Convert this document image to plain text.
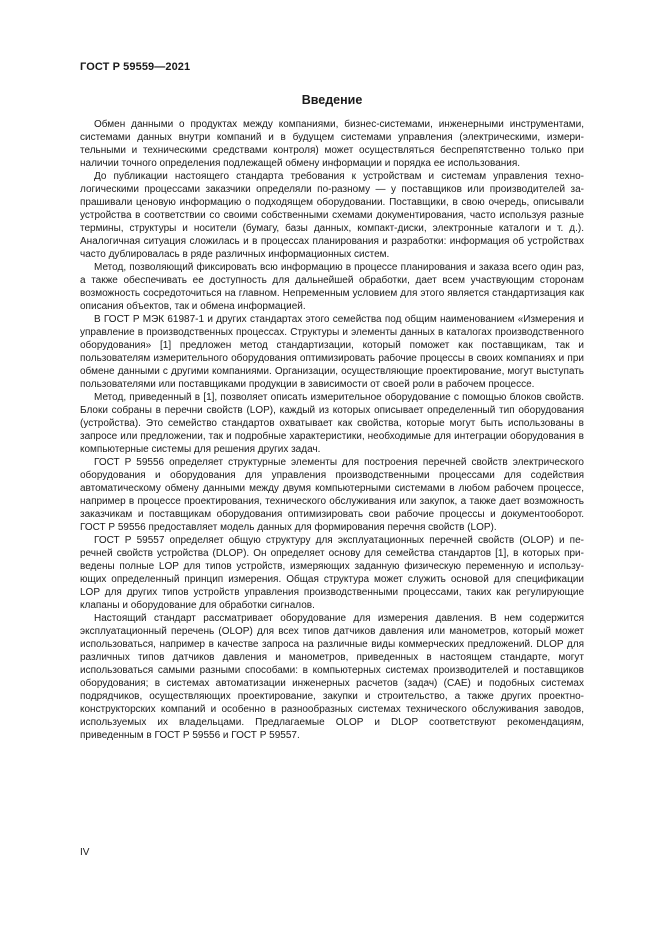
ГОСТ Р 59559—2021
Введение

Обмен данными о продуктах между компаниями, бизнес-системами, инженерными инструментами, системами данных внутри компаний и в будущем системами управления (электрическими, измерительными и техническими средствами контроля) может осуществляться беспрепятственно только при наличии точного определения подлежащей обмену информации и порядка ее использования.

До публикации настоящего стандарта требования к устройствам и системам управления технологическими процессами заказчики определяли по-разному — у поставщиков или производителей запрашивали ценовую информацию о подходящем оборудовании. Поставщики, в свою очередь, описывали устройства в соответствии со своими собственными схемами документирования, часто используя разные термины, структуры и носители (бумагу, базы данных, компакт-диски, электронные каталоги и т. д.). Аналогичная ситуация сложилась и в процессах планирования и разработки: информация об устройствах часто дублировалась в ряде различных информационных систем.

Метод, позволяющий фиксировать всю информацию в процессе планирования и заказа всего один раз, а также обеспечивать ее доступность для дальнейшей обработки, дает всем участвующим сторонам возможность сосредоточиться на главном. Непременным условием для этого является стандартизация как описания объектов, так и обмена информацией.

В ГОСТ Р МЭК 61987-1 и других стандартах этого семейства под общим наименованием «Измерения и управление в производственных процессах. Структуры и элементы данных в каталогах производственного оборудования» [1] предложен метод стандартизации, который поможет как поставщикам, так и пользователям измерительного оборудования оптимизировать рабочие процессы в своих компаниях и при обмене данными с другими компаниями. Организации, осуществляющие проектирование, могут выступать пользователями или поставщиками продукции в зависимости от своей роли в рабочем процессе.

Метод, приведенный в [1], позволяет описать измерительное оборудование с помощью блоков свойств. Блоки собраны в перечни свойств (LOP), каждый из которых описывает определенный тип оборудования (устройства). Это семейство стандартов охватывает как свойства, которые могут быть использованы в запросе или предложении, так и подробные характеристики, необходимые для интеграции оборудования в компьютерные системы для решения других задач.

ГОСТ Р 59556 определяет структурные элементы для построения перечней свойств электрического оборудования и оборудования для управления производственными процессами для содействия автоматическому обмену данными между двумя компьютерными системами в любом рабочем процессе, например в процессе проектирования, технического обслуживания или закупок, а также дает возможность заказчикам и поставщикам оборудования оптимизировать свои рабочие процессы и документооборот. ГОСТ Р 59556 предоставляет модель данных для формирования перечня свойств (LOP).

ГОСТ Р 59557 определяет общую структуру для эксплуатационных перечней свойств (OLOP) и перечней свойств устройства (DLOP). Он определяет основу для семейства стандартов [1], в которых приведены полные LOP для типов устройств, измеряющих заданную физическую переменную и использующих определенный принцип измерения. Общая структура может служить основой для спецификации LOP для других типов устройств управления производственными процессами, таких как регулирующие клапаны и оборудование для обработки сигналов.

Настоящий стандарт рассматривает оборудование для измерения давления. В нем содержится эксплуатационный перечень (OLOP) для всех типов датчиков давления или манометров, который может использоваться, например в качестве запроса на различные виды коммерческих предложений. DLOP для различных типов датчиков давления и манометров, приведенных в настоящем стандарте, могут использоваться самыми разными способами: в компьютерных системах производителей и поставщиков оборудования; в системах автоматизации инженерных расчетов (задач) (CAE) и подобных системах подрядчиков, осуществляющих проектирование, закупки и строительство, а также других проектно-конструкторских компаний и особенно в разнообразных системах технического обслуживания заводов, используемых их владельцами. Предлагаемые OLOP и DLOP соответствуют рекомендациям, приведенным в ГОСТ Р 59556 и ГОСТ Р 59557.

IV
